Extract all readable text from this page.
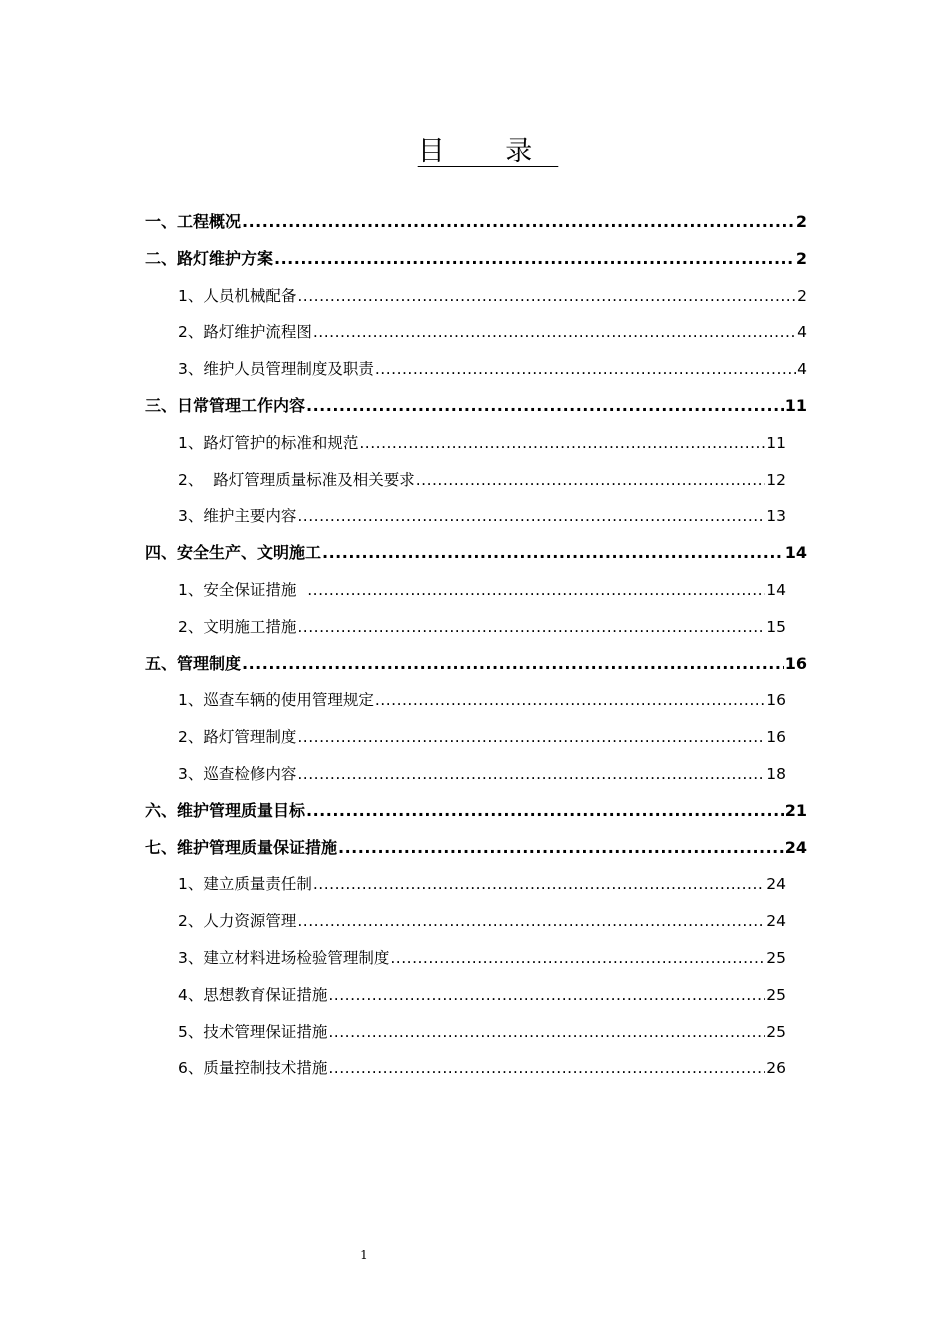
目 录
一、工程概况 .....	2
二、路灯维护方案 .....	2
1、人员机械配备 .....	2
2、路灯维护流程图 .....	4
3、维护人员管理制度及职责 .....	4
三、日常管理工作内容 .....	11
1、路灯管护的标准和规范 .....	11
2、  路灯管理质量标准及相关要求 .....	12
3、维护主要内容 .....	13
四、安全生产、文明施工 .....	14
1、安全保证措施 .....	14
2、文明施工措施 .....	15
五、管理制度 .....	16
1、巡查车辆的使用管理规定 .....	16
2、路灯管理制度 .....	16
3、巡查检修内容 .....	18
六、维护管理质量目标 .....	21
七、维护管理质量保证措施 .....	24
1、建立质量责任制 .....	24
2、人力资源管理 .....	24
3、建立材料进场检验管理制度 .....	25
4、思想教育保证措施 .....	25
5、技术管理保证措施 .....	25
6、质量控制技术措施 .....	26
1
